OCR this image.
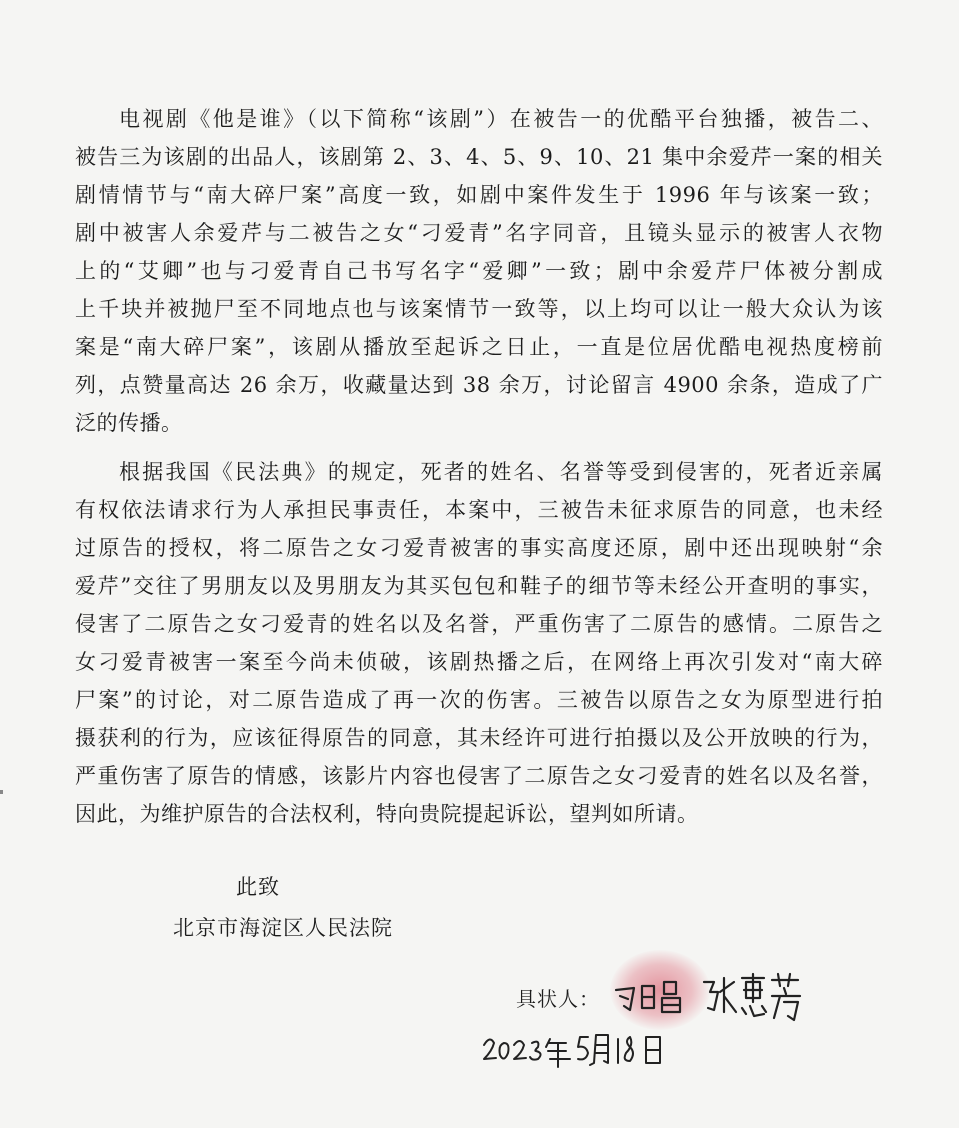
电视剧《他是谁》（以下简称“该剧”）在被告一的优酷平台独播，被告二、
被告三为该剧的出品人，该剧第 2、3、4、5、9、10、21 集中余爱芹一案的相关
剧情情节与“南大碎尸案”高度一致，如剧中案件发生于 1996 年与该案一致；
剧中被害人余爱芹与二被告之女“刁爱青”名字同音，且镜头显示的被害人衣物
上的“艾卿”也与刁爱青自己书写名字“爱卿”一致；剧中余爱芹尸体被分割成
上千块并被抛尸至不同地点也与该案情节一致等，以上均可以让一般大众认为该
案是“南大碎尸案”，该剧从播放至起诉之日止，一直是位居优酷电视热度榜前
列，点赞量高达 26 余万，收藏量达到 38 余万，讨论留言 4900 余条，造成了广
泛的传播。
根据我国《民法典》的规定，死者的姓名、名誉等受到侵害的，死者近亲属
有权依法请求行为人承担民事责任，本案中，三被告未征求原告的同意，也未经
过原告的授权，将二原告之女刁爱青被害的事实高度还原，剧中还出现映射“余
爱芹”交往了男朋友以及男朋友为其买包包和鞋子的细节等未经公开查明的事实，
侵害了二原告之女刁爱青的姓名以及名誉，严重伤害了二原告的感情。二原告之
女刁爱青被害一案至今尚未侦破，该剧热播之后，在网络上再次引发对“南大碎
尸案”的讨论，对二原告造成了再一次的伤害。三被告以原告之女为原型进行拍
摄获利的行为，应该征得原告的同意，其未经许可进行拍摄以及公开放映的行为，
严重伤害了原告的情感，该影片内容也侵害了二原告之女刁爱青的姓名以及名誉，
因此，为维护原告的合法权利，特向贵院提起诉讼，望判如所请。

此致

北京市海淀区人民法院

具状人：
